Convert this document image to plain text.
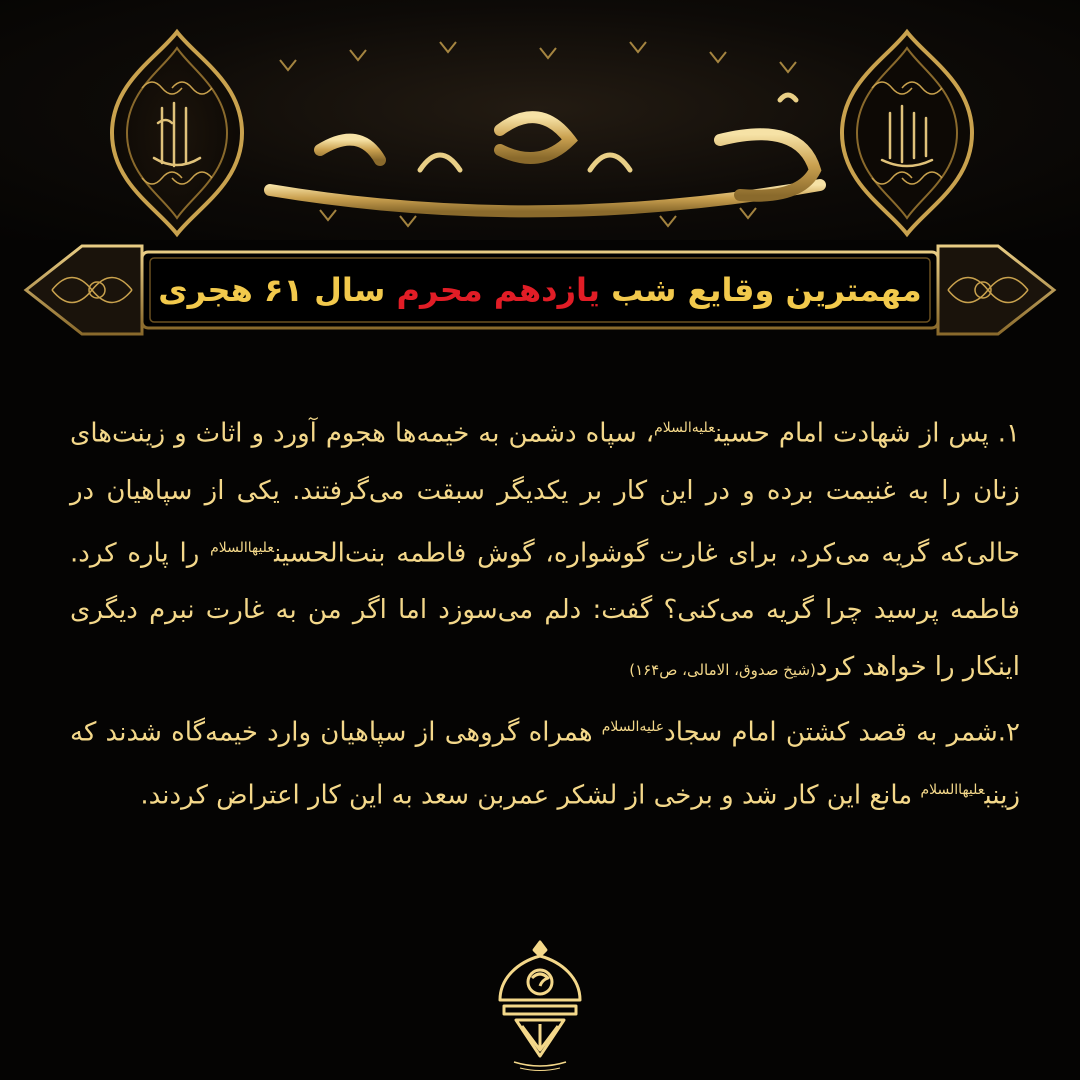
مهمترین وقایع شب یازدهم محرم سال ۶۱ هجری

۱. پس از شهادت امام حسین$^{علیه‌السلام}$، سپاه دشمن به خیمه‌ها هجوم آورد و اثاث و زینت‌های زنان را به غنیمت برده و در این کار بر یکدیگر سبقت می‌گرفتند. یکی از سپاهیان در حالی‌که گریه می‌کرد، برای غارت گوشواره، گوش فاطمه بنت‌الحسین$^{علیها‌السلام}$ را پاره کرد. فاطمه پرسید چرا گریه می‌کنی؟ گفت: دلم می‌سوزد اما اگر من به غارت نبرم دیگری اینکار را خواهد کرد(شیخ صدوق، الامالی، ص۱۶۴)

۲.شمر به قصد کشتن امام سجاد$^{علیه‌السلام}$ همراه گروهی از سپاهیان وارد خیمه‌گاه شدند که زینب$^{علیها‌السلام}$ مانع این کار شد و برخی از لشکر عمربن سعد به این کار اعتراض کردند.
